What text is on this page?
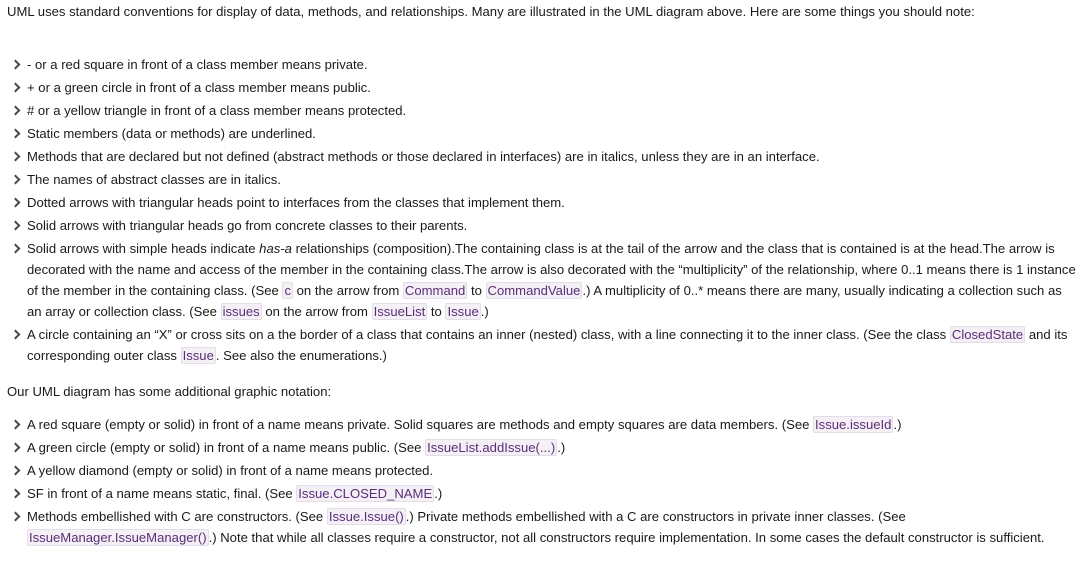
UML uses standard conventions for display of data, methods, and relationships. Many are illustrated in the UML diagram above. Here are some things you should note:

- or a red square in front of a class member means private.
+ or a green circle in front of a class member means public.
# or a yellow triangle in front of a class member means protected.
Static members (data or methods) are underlined.
Methods that are declared but not defined (abstract methods or those declared in interfaces) are in italics, unless they are in an interface.
The names of abstract classes are in italics.
Dotted arrows with triangular heads point to interfaces from the classes that implement them.
Solid arrows with triangular heads go from concrete classes to their parents.
Solid arrows with simple heads indicate has-a relationships (composition).The containing class is at the tail of the arrow and the class that is contained is at the head.The arrow is decorated with the name and access of the member in the containing class.The arrow is also decorated with the “multiplicity” of the relationship, where 0..1 means there is 1 instance of the member in the containing class. (See c on the arrow from Command to CommandValue .) A multiplicity of 0..* means there are many, usually indicating a collection such as an array or collection class. (See issues on the arrow from IssueList to Issue .)
A circle containing an “X” or cross sits on a the border of a class that contains an inner (nested) class, with a line connecting it to the inner class. (See the class ClosedState and its corresponding outer class Issue . See also the enumerations.)

Our UML diagram has some additional graphic notation:

A red square (empty or solid) in front of a name means private. Solid squares are methods and empty squares are data members. (See Issue.issueId .)
A green circle (empty or solid) in front of a name means public. (See IssueList.addIssue(...) .)
A yellow diamond (empty or solid) in front of a name means protected.
SF in front of a name means static, final. (See Issue.CLOSED_NAME .)
Methods embellished with C are constructors. (See Issue.Issue() .) Private methods embellished with a C are constructors in private inner classes. (See IssueManager.IssueManager() .) Note that while all classes require a constructor, not all constructors require implementation. In some cases the default constructor is sufficient.
